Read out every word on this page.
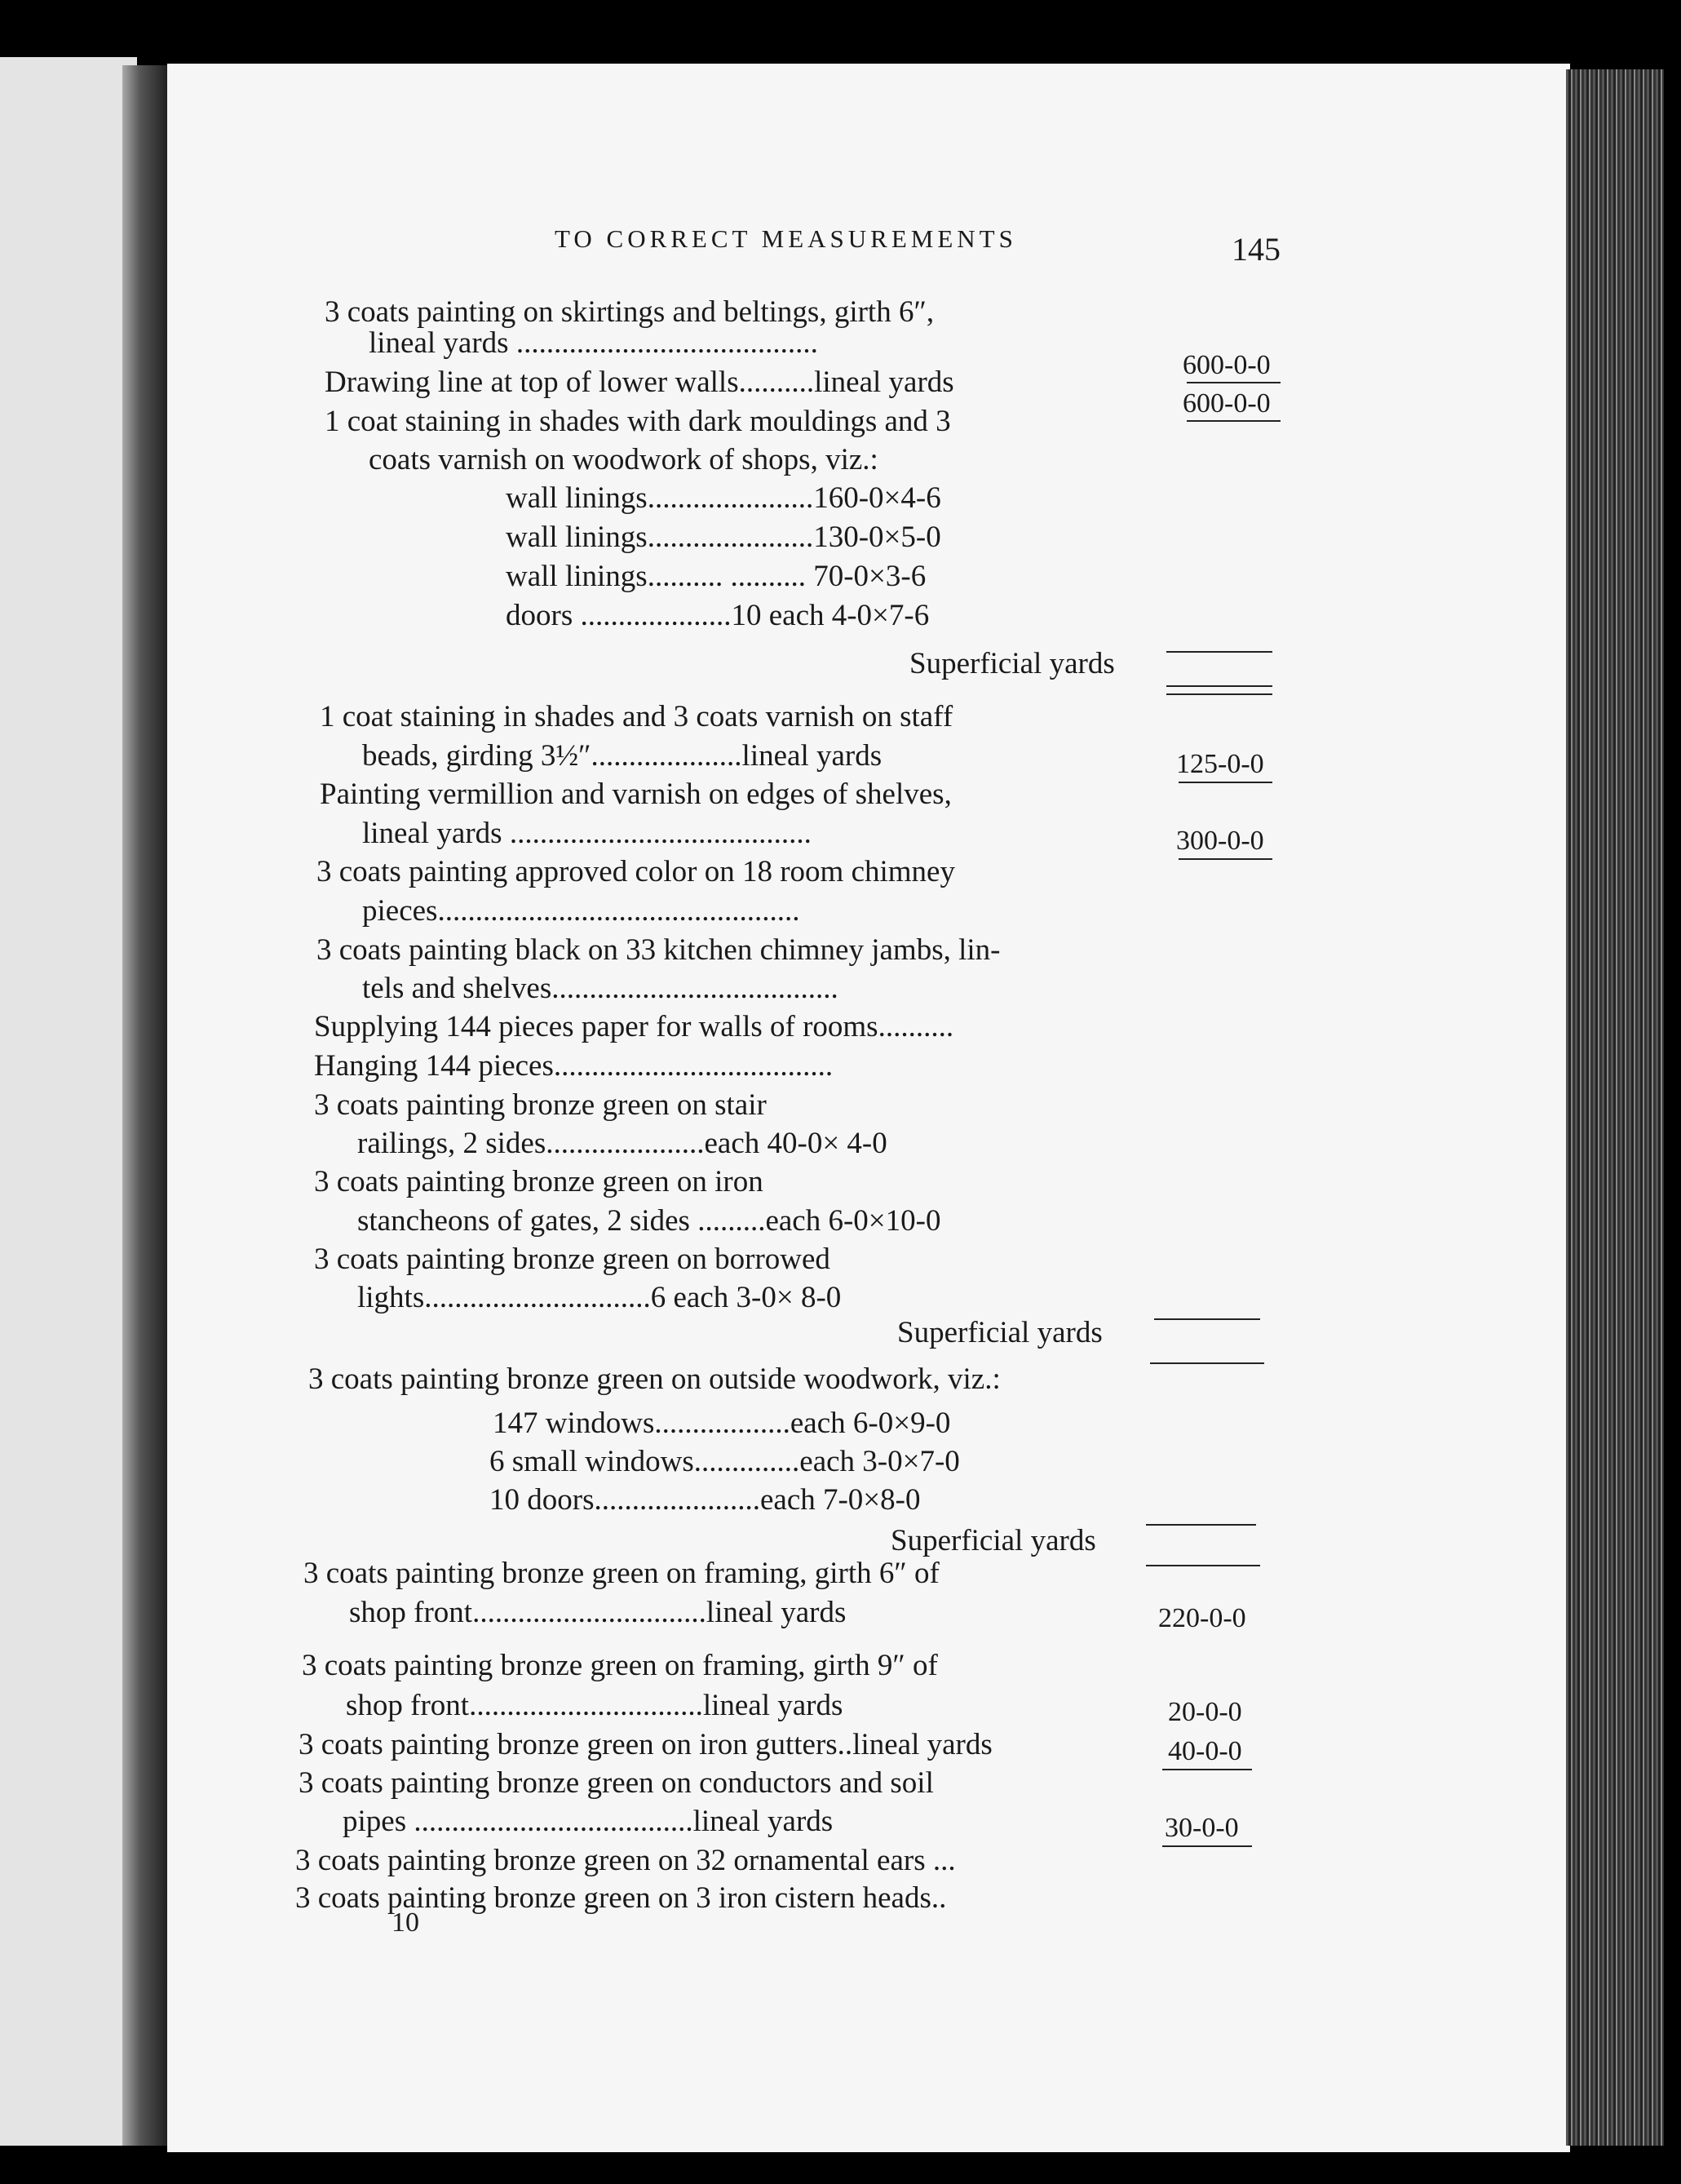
TO CORRECT MEASUREMENTS	145
3 coats painting on skirtings and beltings, girth 6″,
lineal yards ........................................
Drawing line at top of lower walls..........lineal yards
1 coat staining in shades with dark mouldings and 3
coats varnish on woodwork of shops, viz.:
wall linings......................160-0×4-6
wall linings......................130-0×5-0
wall linings.......... .......... 70-0×3-6
doors ....................10 each 4-0×7-6
Superficial yards
1 coat staining in shades and 3 coats varnish on staff
beads, girding 3½″....................lineal yards
Painting vermillion and varnish on edges of shelves,
lineal yards ........................................
3 coats painting approved color on 18 room chimney
pieces................................................
3 coats painting black on 33 kitchen chimney jambs, lin-
tels and shelves......................................
Supplying 144 pieces paper for walls of rooms..........
Hanging 144 pieces.....................................
3 coats painting bronze green on stair
railings, 2 sides.....................each 40-0× 4-0
3 coats painting bronze green on iron
stancheons of gates, 2 sides .........each 6-0×10-0
3 coats painting bronze green on borrowed
lights..............................6 each 3-0× 8-0
Superficial yards
3 coats painting bronze green on outside woodwork, viz.:
147 windows..................each 6-0×9-0
6 small windows..............each 3-0×7-0
10 doors......................each 7-0×8-0
Superficial yards
3 coats painting bronze green on framing, girth 6″ of
shop front...............................lineal yards
3 coats painting bronze green on framing, girth 9″ of
shop front...............................lineal yards
3 coats painting bronze green on iron gutters..lineal yards
3 coats painting bronze green on conductors and soil
pipes .....................................lineal yards
3 coats painting bronze green on 32 ornamental ears ...
3 coats painting bronze green on 3 iron cistern heads..
600-0-0
600-0-0
125-0-0
300-0-0
220-0-0
20-0-0
40-0-0
30-0-0
10
